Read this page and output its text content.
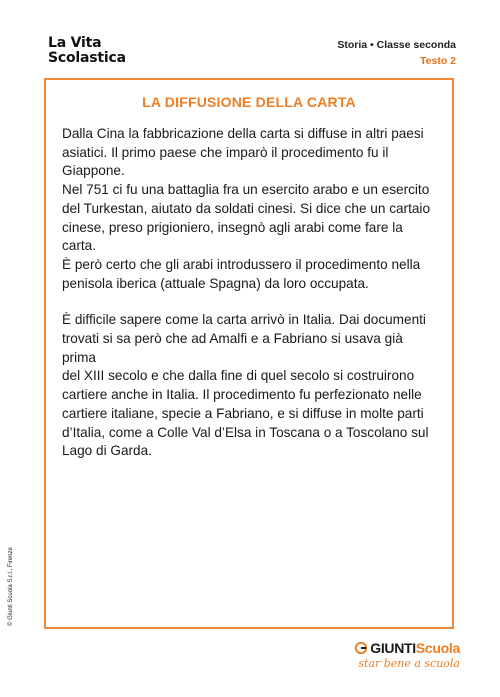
La Vita
Scolastica
Storia • Classe seconda
Testo 2
LA DIFFUSIONE DELLA CARTA

Dalla Cina la fabbricazione della carta si diffuse in altri paesi

asiatici. Il primo paese che imparò il procedimento fu il

Giappone.

Nel 751 ci fu una battaglia fra un esercito arabo e un esercito

del Turkestan, aiutato da soldati cinesi. Si dice che un cartaio

cinese, preso prigioniero, insegnò agli arabi come fare la carta.

È però certo che gli arabi introdussero il procedimento nella

penisola iberica (attuale Spagna) da loro occupata.

È difficile sapere come la carta arrivò in Italia. Dai documenti

trovati si sa però che ad Amalfi e a Fabriano si usava già prima

del XIII secolo e che dalla fine di quel secolo si costruirono

cartiere anche in Italia. Il procedimento fu perfezionato nelle

cartiere italiane, specie a Fabriano, e si diffuse in molte parti

d’Italia, come a Colle Val d’Elsa in Toscana o a Toscolano sul

Lago di Garda.

© Giunti Scuola S.r.l., Firenze
GIUNTIScuola
star bene a scuola
